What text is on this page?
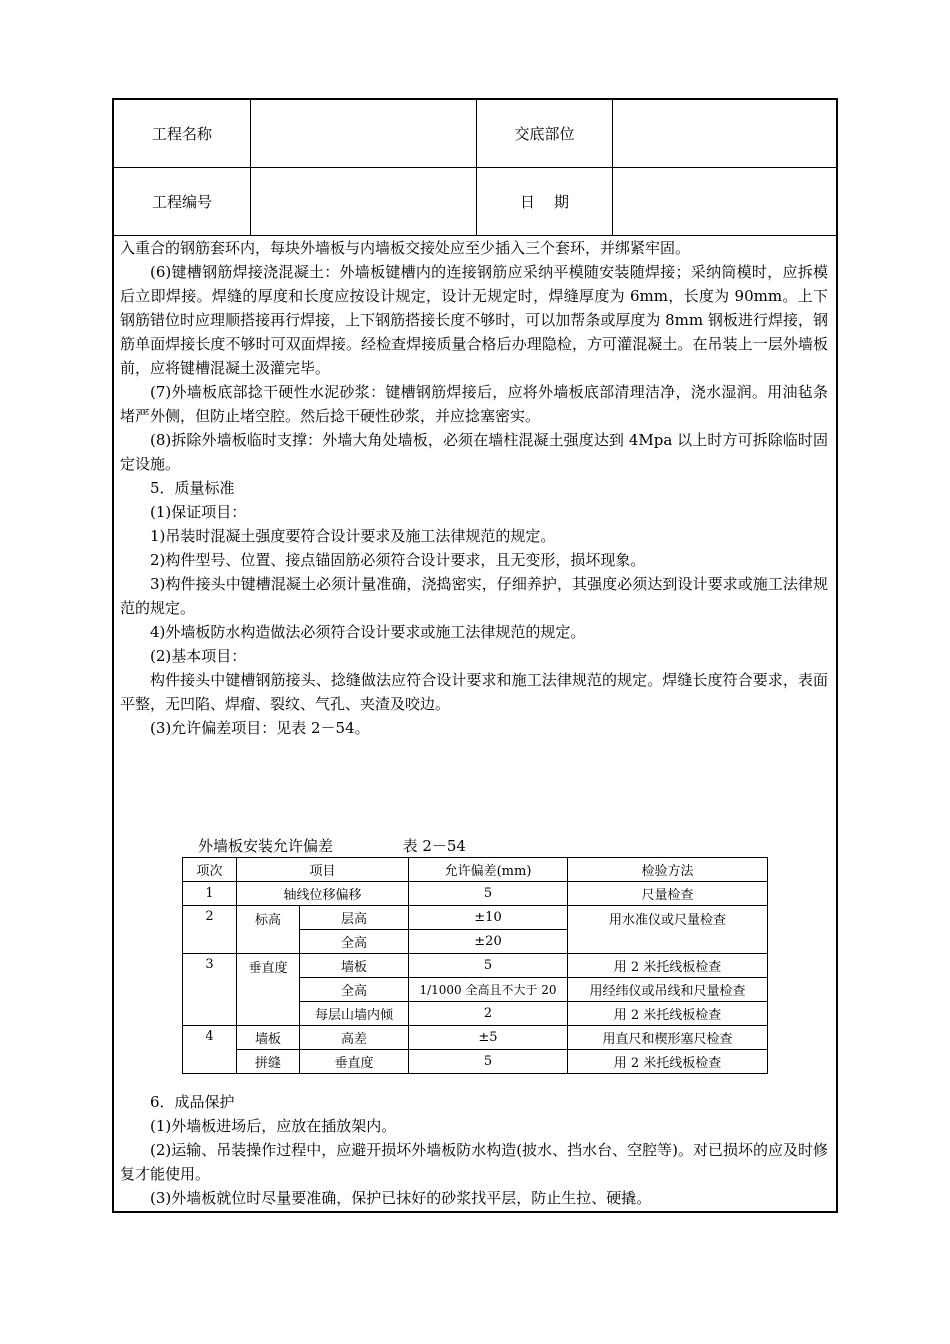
工程名称	交底部位
工程编号	日    期

入重合的钢筋套环内，每块外墙板与内墙板交接处应至少插入三个套环，并绑紧牢固。

(6)键槽钢筋焊接浇混凝土：外墙板键槽内的连接钢筋应采纳平模随安装随焊接；采纳筒模时，应拆模后立即焊接。焊缝的厚度和长度应按设计规定，设计无规定时，焊缝厚度为 6mm，长度为 90mm。上下钢筋错位时应理顺搭接再行焊接，上下钢筋搭接长度不够时，可以加帮条或厚度为 8mm 钢板进行焊接，钢筋单面焊接长度不够时可双面焊接。经检查焊接质量合格后办理隐检，方可灌混凝土。在吊装上一层外墙板前，应将键槽混凝土汲灌完毕。

(7)外墙板底部捻干硬性水泥砂浆：键槽钢筋焊接后，应将外墙板底部清理洁净，浇水湿润。用油毡条堵严外侧，但防止堵空腔。然后捻干硬性砂浆，并应捻塞密实。

(8)拆除外墙板临时支撑：外墙大角处墙板，必须在墙柱混凝土强度达到 4Mpa 以上时方可拆除临时固定设施。

5．质量标准

(1)保证项目：

1)吊装时混凝土强度要符合设计要求及施工法律规范的规定。

2)构件型号、位置、接点锚固筋必须符合设计要求，且无变形，损坏现象。

3)构件接头中键槽混凝土必须计量准确，浇捣密实，仔细养护，其强度必须达到设计要求或施工法律规范的规定。

4)外墙板防水构造做法必须符合设计要求或施工法律规范的规定。

(2)基本项目：

构件接头中键槽钢筋接头、捻缝做法应符合设计要求和施工法律规范的规定。焊缝长度符合要求，表面平整，无凹陷、焊瘤、裂纹、气孔、夹渣及咬边。

(3)允许偏差项目：见表 2－54。

外墙板安装允许偏差	表 2－54
项次	项目		允许偏差(mm)	检验方法
1	轴线位移偏移		5	尺量检查
2	标高	层高	±10	用水准仪或尺量检查
		全高	±20	
3	垂直度	墙板	5	用 2 米托线板检查
		全高	1/1000 全高且不大于 20	用经纬仪或吊线和尺量检查
		每层山墙内倾	2	用 2 米托线板检查
4	墙板	高差	±5	用直尺和楔形塞尺检查
	拼缝	垂直度	5	用 2 米托线板检查

6．成品保护

(1)外墙板进场后，应放在插放架内。

(2)运输、吊装操作过程中，应避开损坏外墙板防水构造(披水、挡水台、空腔等)。对已损坏的应及时修复才能使用。

(3)外墙板就位时尽量要准确，保护已抹好的砂浆找平层，防止生拉、硬撬。
